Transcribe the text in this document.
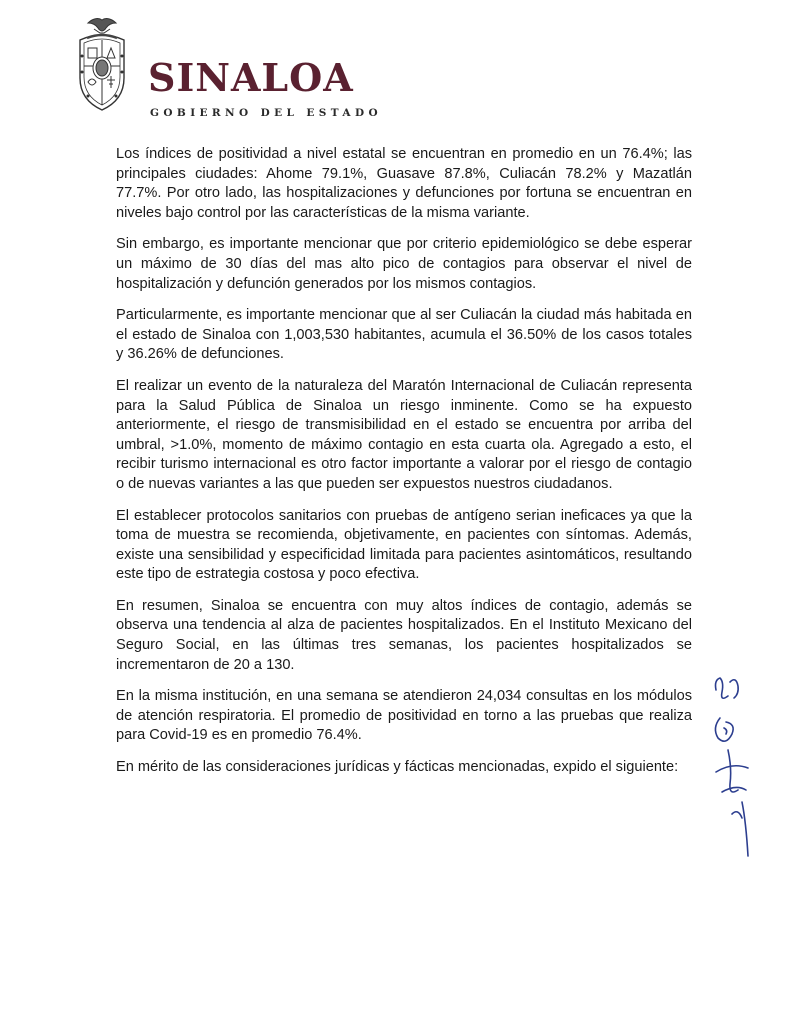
SINALOA
GOBIERNO DEL ESTADO

Los índices de positividad a nivel estatal se encuentran en promedio en un 76.4%; las principales ciudades: Ahome 79.1%, Guasave 87.8%, Culiacán 78.2% y Mazatlán 77.7%. Por otro lado, las hospitalizaciones y defunciones por fortuna se encuentran en niveles bajo control por las características de la misma variante.

Sin embargo, es importante mencionar que por criterio epidemiológico se debe esperar un máximo de 30 días del mas alto pico de contagios para observar el nivel de hospitalización y defunción generados por los mismos contagios.

Particularmente, es importante mencionar que al ser Culiacán la ciudad más habitada en el estado de Sinaloa con 1,003,530 habitantes, acumula el 36.50% de los casos totales y 36.26% de defunciones.

El realizar un evento de la naturaleza del Maratón Internacional de Culiacán representa para la Salud Pública de Sinaloa un riesgo inminente. Como se ha expuesto anteriormente, el riesgo de transmisibilidad en el estado se encuentra por arriba del umbral, >1.0%, momento de máximo contagio en esta cuarta ola. Agregado a esto, el recibir turismo internacional es otro factor importante a valorar por el riesgo de contagio o de nuevas variantes a las que pueden ser expuestos nuestros ciudadanos.

El establecer protocolos sanitarios con pruebas de antígeno serian ineficaces ya que la toma de muestra se recomienda, objetivamente, en pacientes con síntomas. Además, existe una sensibilidad y especificidad limitada para pacientes asintomáticos, resultando este tipo de estrategia costosa y poco efectiva.

En resumen, Sinaloa se encuentra con muy altos índices de contagio, además se observa una tendencia al alza de pacientes hospitalizados. En el Instituto Mexicano del Seguro Social, en las últimas tres semanas, los pacientes hospitalizados se incrementaron de 20 a 130.

En la misma institución, en una semana se atendieron 24,034 consultas en los módulos de atención respiratoria. El promedio de positividad en torno a las pruebas que realiza para Covid-19 es en promedio 76.4%.

En mérito de las consideraciones jurídicas y fácticas mencionadas, expido el siguiente:
